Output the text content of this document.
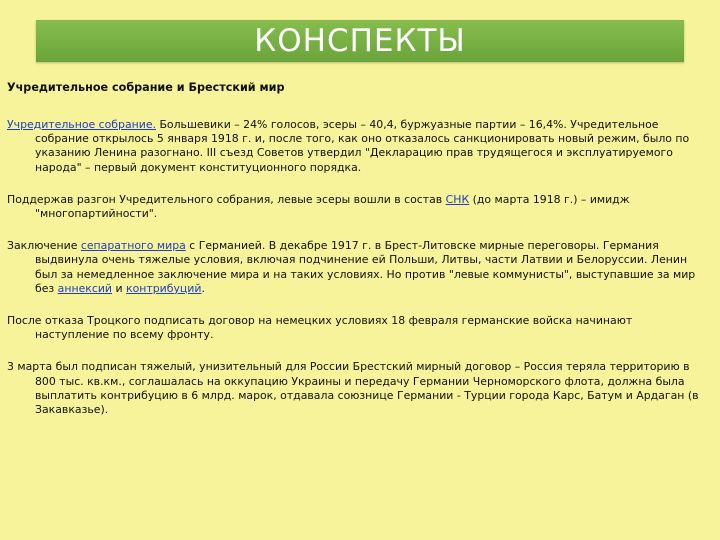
КОНСПЕКТЫ
Учредительное собрание и Брестский мир

Учредительное собрание. Большевики – 24% голосов, эсеры – 40,4, буржуазные партии – 16,4%. Учредительное собрание открылось 5 января 1918 г. и, после того, как оно отказалось санкционировать новый режим, было по указанию Ленина разогнано. III съезд Советов утвердил "Декларацию прав трудящегося и эксплуатируемого народа" – первый документ конституционного порядка.

Поддержав разгон Учредительного собрания, левые эсеры вошли в состав СНК (до марта 1918 г.) – имидж "многопартийности".

Заключение сепаратного мира с Германией. В декабре 1917 г. в Брест-Литовске мирные переговоры. Германия выдвинула очень тяжелые условия, включая подчинение ей Польши, Литвы, части Латвии и Белоруссии. Ленин был за немедленное заключение мира и на таких условиях. Но против "левые коммунисты", выступавшие за мир без аннексий и контрибуций.

После отказа Троцкого подписать договор на немецких условиях 18 февраля германские войска начинают наступление по всему фронту.

3 марта был подписан тяжелый, унизительный для России Брестский мирный договор – Россия теряла территорию в 800 тыс. кв.км., соглашалась на оккупацию Украины и передачу Германии Черноморского флота, должна была выплатить контрибуцию в 6 млрд. марок, отдавала союзнице Германии - Турции города Карс, Батум и Ардаган (в Закавказье).
